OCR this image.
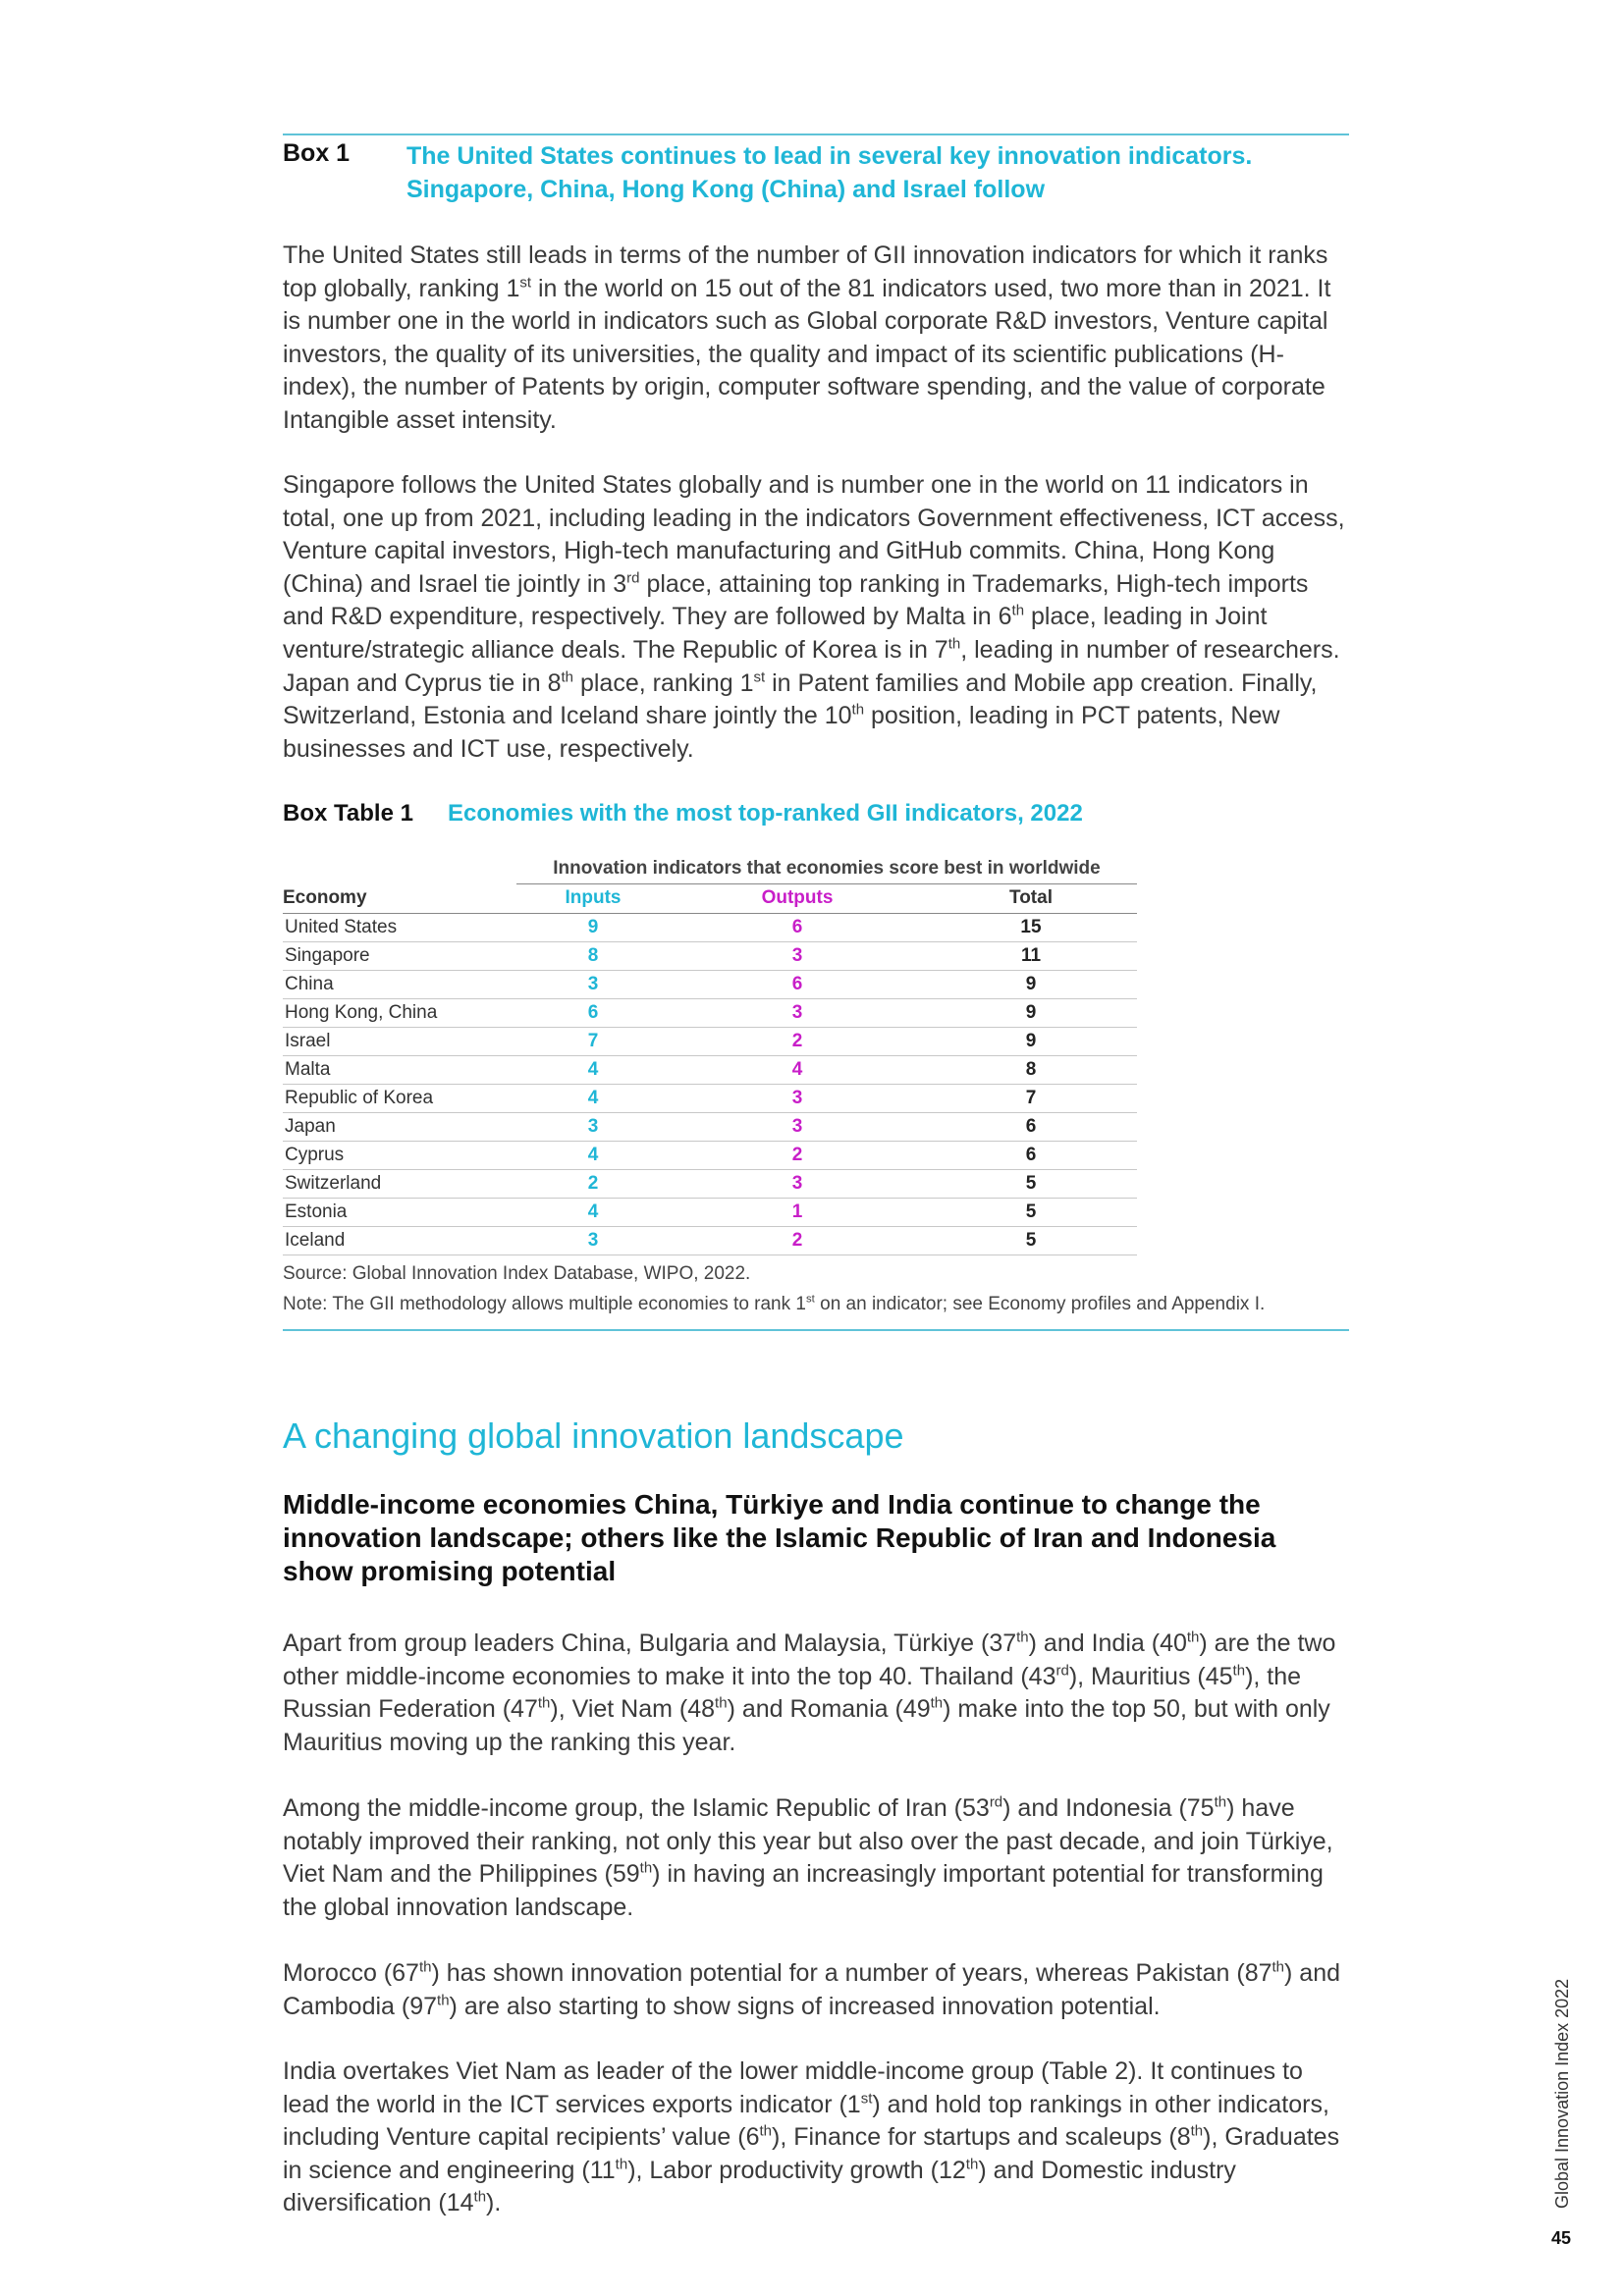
Box 1 The United States continues to lead in several key innovation indicators.
Singapore, China, Hong Kong (China) and Israel follow

The United States still leads in terms of the number of GII innovation indicators for which it ranks top globally, ranking 1st in the world on 15 out of the 81 indicators used, two more than in 2021. It is number one in the world in indicators such as Global corporate R&D investors, Venture capital investors, the quality of its universities, the quality and impact of its scientific publications (H-index), the number of Patents by origin, computer software spending, and the value of corporate Intangible asset intensity.

Singapore follows the United States globally and is number one in the world on 11 indicators in total, one up from 2021, including leading in the indicators Government effectiveness, ICT access, Venture capital investors, High-tech manufacturing and GitHub commits. China, Hong Kong (China) and Israel tie jointly in 3rd place, attaining top ranking in Trademarks, High-tech imports and R&D expenditure, respectively. They are followed by Malta in 6th place, leading in Joint venture/strategic alliance deals. The Republic of Korea is in 7th, leading in number of researchers. Japan and Cyprus tie in 8th place, ranking 1st in Patent families and Mobile app creation. Finally, Switzerland, Estonia and Iceland share jointly the 10th position, leading in PCT patents, New businesses and ICT use, respectively.

Box Table 1 Economies with the most top-ranked GII indicators, 2022
Innovation indicators that economies score best in worldwide
Economy	Inputs	Outputs	Total
United States	9	6	15
Singapore	8	3	11
China	3	6	9
Hong Kong, China	6	3	9
Israel	7	2	9
Malta	4	4	8
Republic of Korea	4	3	7
Japan	3	3	6
Cyprus	4	2	6
Switzerland	2	3	5
Estonia	4	1	5
Iceland	3	2	5
Source: Global Innovation Index Database, WIPO, 2022.
Note: The GII methodology allows multiple economies to rank 1st on an indicator; see Economy profiles and Appendix I.
A changing global innovation landscape

Middle-income economies China, Türkiye and India continue to change the innovation landscape; others like the Islamic Republic of Iran and Indonesia show promising potential

Apart from group leaders China, Bulgaria and Malaysia, Türkiye (37th) and India (40th) are the two other middle-income economies to make it into the top 40. Thailand (43rd), Mauritius (45th), the Russian Federation (47th), Viet Nam (48th) and Romania (49th) make into the top 50, but with only Mauritius moving up the ranking this year.

Among the middle-income group, the Islamic Republic of Iran (53rd) and Indonesia (75th) have notably improved their ranking, not only this year but also over the past decade, and join Türkiye, Viet Nam and the Philippines (59th) in having an increasingly important potential for transforming the global innovation landscape.

Morocco (67th) has shown innovation potential for a number of years, whereas Pakistan (87th) and Cambodia (97th) are also starting to show signs of increased innovation potential.

India overtakes Viet Nam as leader of the lower middle-income group (Table 2). It continues to lead the world in the ICT services exports indicator (1st) and hold top rankings in other indicators, including Venture capital recipients’ value (6th), Finance for startups and scaleups (8th), Graduates in science and engineering (11th), Labor productivity growth (12th) and Domestic industry diversification (14th).	Global Innovation Index 2022
45
